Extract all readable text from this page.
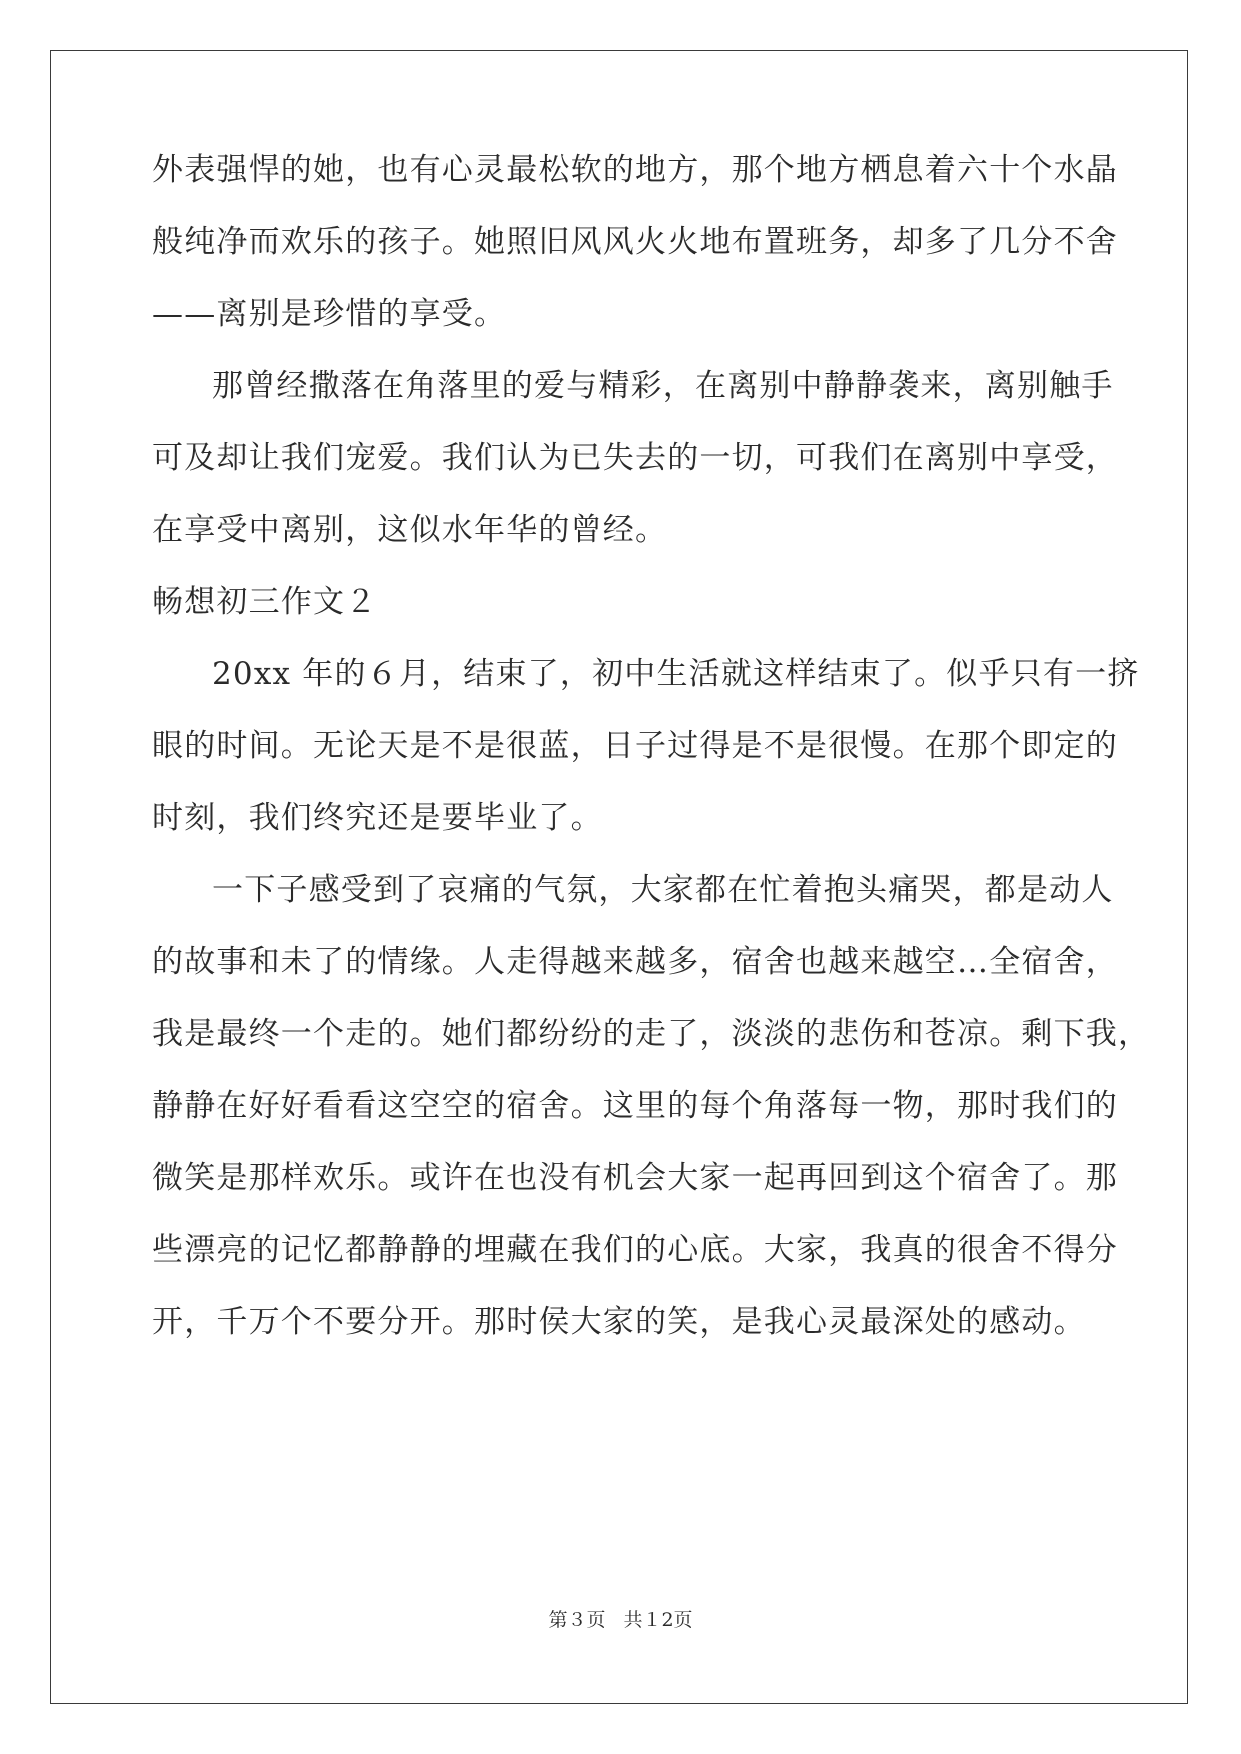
外表强悍的她，也有心灵最松软的地方，那个地方栖息着六十个水晶
般纯净而欢乐的孩子。她照旧风风火火地布置班务，却多了几分不舍
——离别是珍惜的享受。
那曾经撒落在角落里的爱与精彩，在离别中静静袭来，离别触手
可及却让我们宠爱。我们认为已失去的一切，可我们在离别中享受，
在享受中离别，这似水年华的曾经。
畅想初三作文２
20xx 年的６月，结束了，初中生活就这样结束了。似乎只有一挤
眼的时间。无论天是不是很蓝，日子过得是不是很慢。在那个即定的
时刻，我们终究还是要毕业了。
一下子感受到了哀痛的气氛，大家都在忙着抱头痛哭，都是动人
的故事和未了的情缘。人走得越来越多，宿舍也越来越空…全宿舍，
我是最终一个走的。她们都纷纷的走了，淡淡的悲伤和苍凉。剩下我，
静静在好好看看这空空的宿舍。这里的每个角落每一物，那时我们的
微笑是那样欢乐。或许在也没有机会大家一起再回到这个宿舍了。那
些漂亮的记忆都静静的埋藏在我们的心底。大家，我真的很舍不得分
开，千万个不要分开。那时侯大家的笑，是我心灵最深处的感动。
第３页 共１2页
